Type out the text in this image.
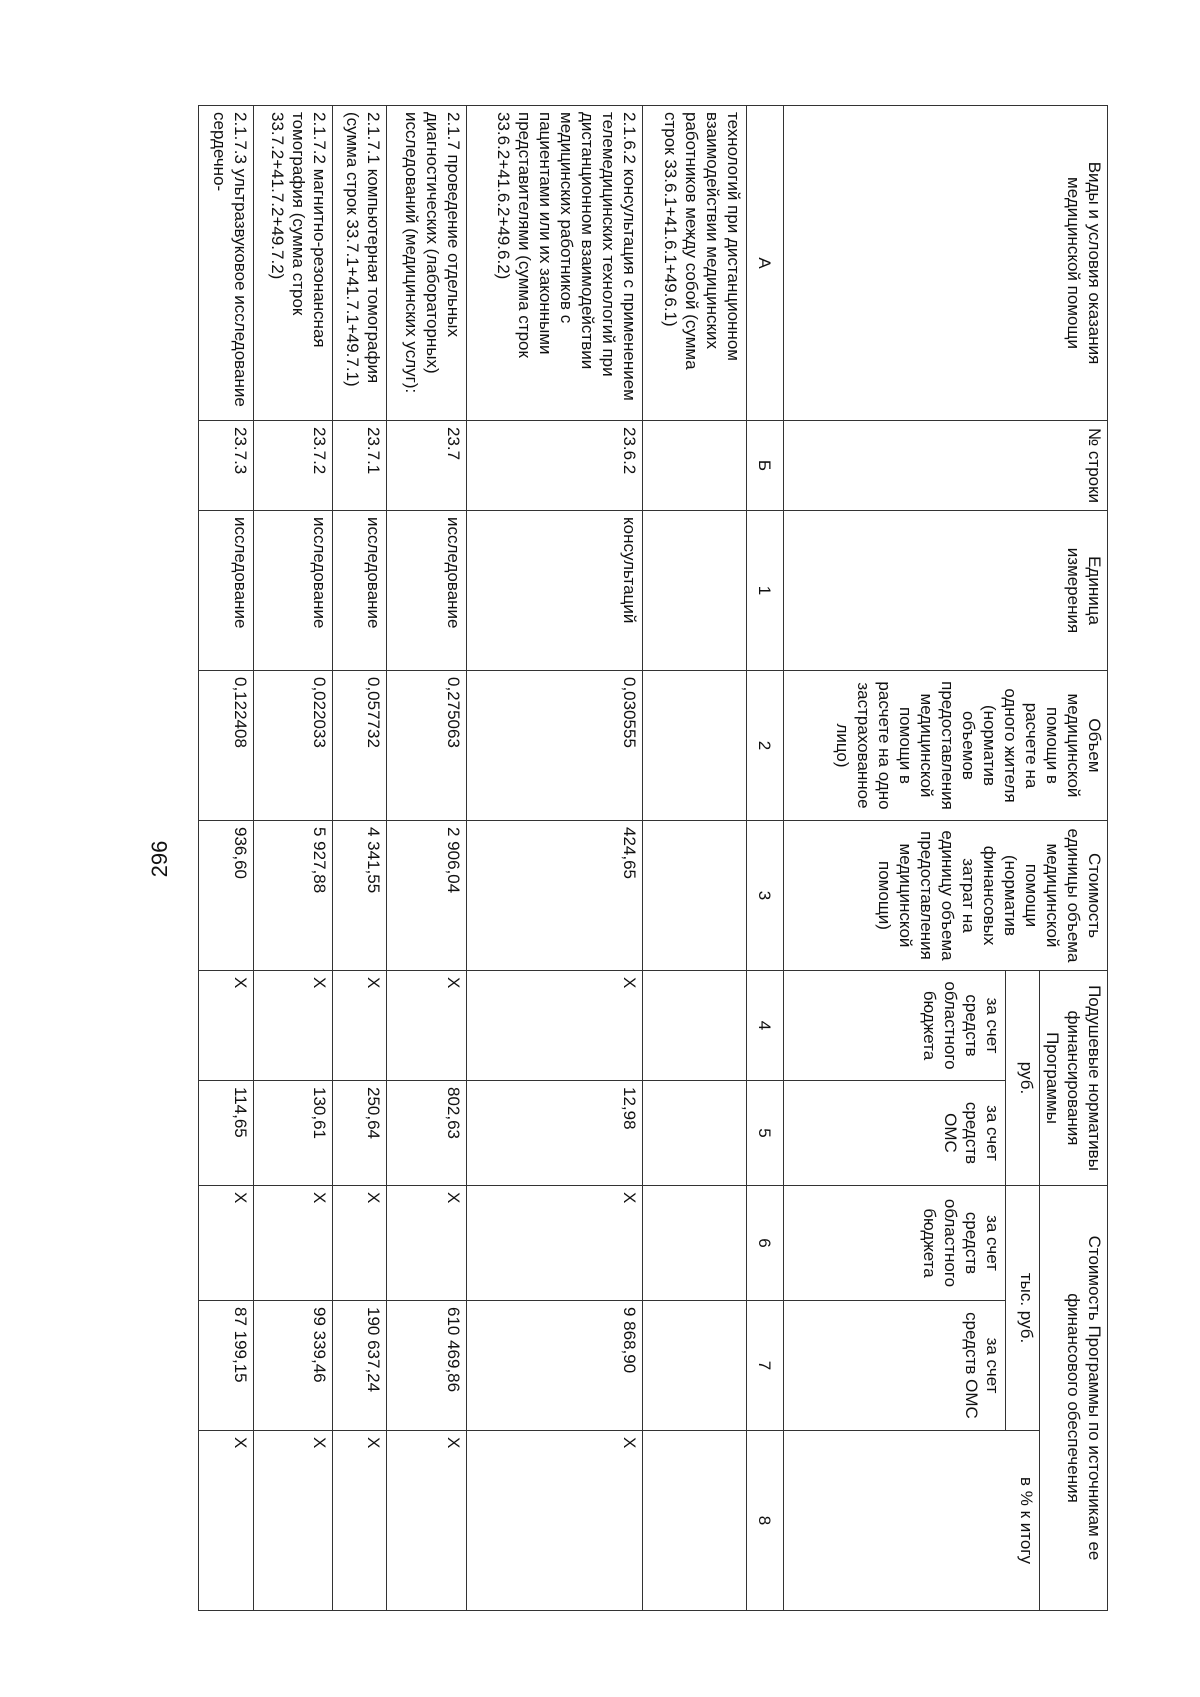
296
Виды и условия оказания медицинской помощи	№ строки	Единица измерения	Объем медицинской помощи в расчете на одного жителя (норматив объемов предоставления медицинской помощи в расчете на одно застрахованное лицо)	Стоимость единицы объема медицинской помощи (норматив финансовых затрат на единицу объема предоставления медицинской помощи)	Подушевые нормативы финансирования Программы		Стоимость Программы по источникам ее финансового обеспечения		
					руб.		тыс. руб.		в % к итогу
					за счет средств областного бюджета	за счет средств ОМС	за счет средств областного бюджета	за счет средств ОМС	
А	Б	1	2	3	4	5	6	7	8
технологий при дистанционном взаимодействии медицинских работников между собой (сумма строк 33.6.1+41.6.1+49.6.1)									
2.1.6.2 консультация с применением телемедицинских технологий при дистанционном взаимодействии медицинских работников с пациентами или их законными представителями (сумма строк 33.6.2+41.6.2+49.6.2)	23.6.2	консультаций	0,030555	424,65	X	12,98	X	9 868,90	X
2.1.7 проведение отдельных диагностических (лабораторных) исследований (медицинских услуг):	23.7	исследование	0,275063	2 906,04	X	802,63	X	610 469,86	X
2.1.7.1 компьютерная томография (сумма строк 33.7.1+41.7.1+49.7.1)	23.7.1	исследование	0,057732	4 341,55	X	250,64	X	190 637,24	X
2.1.7.2 магнитно-резонансная томография (сумма строк 33.7.2+41.7.2+49.7.2)	23.7.2	исследование	0,022033	5 927,88	X	130,61	X	99 339,46	X
2.1.7.3 ультразвуковое исследование сердечно-	23.7.3	исследование	0,122408	936,60	X	114,65	X	87 199,15	X
